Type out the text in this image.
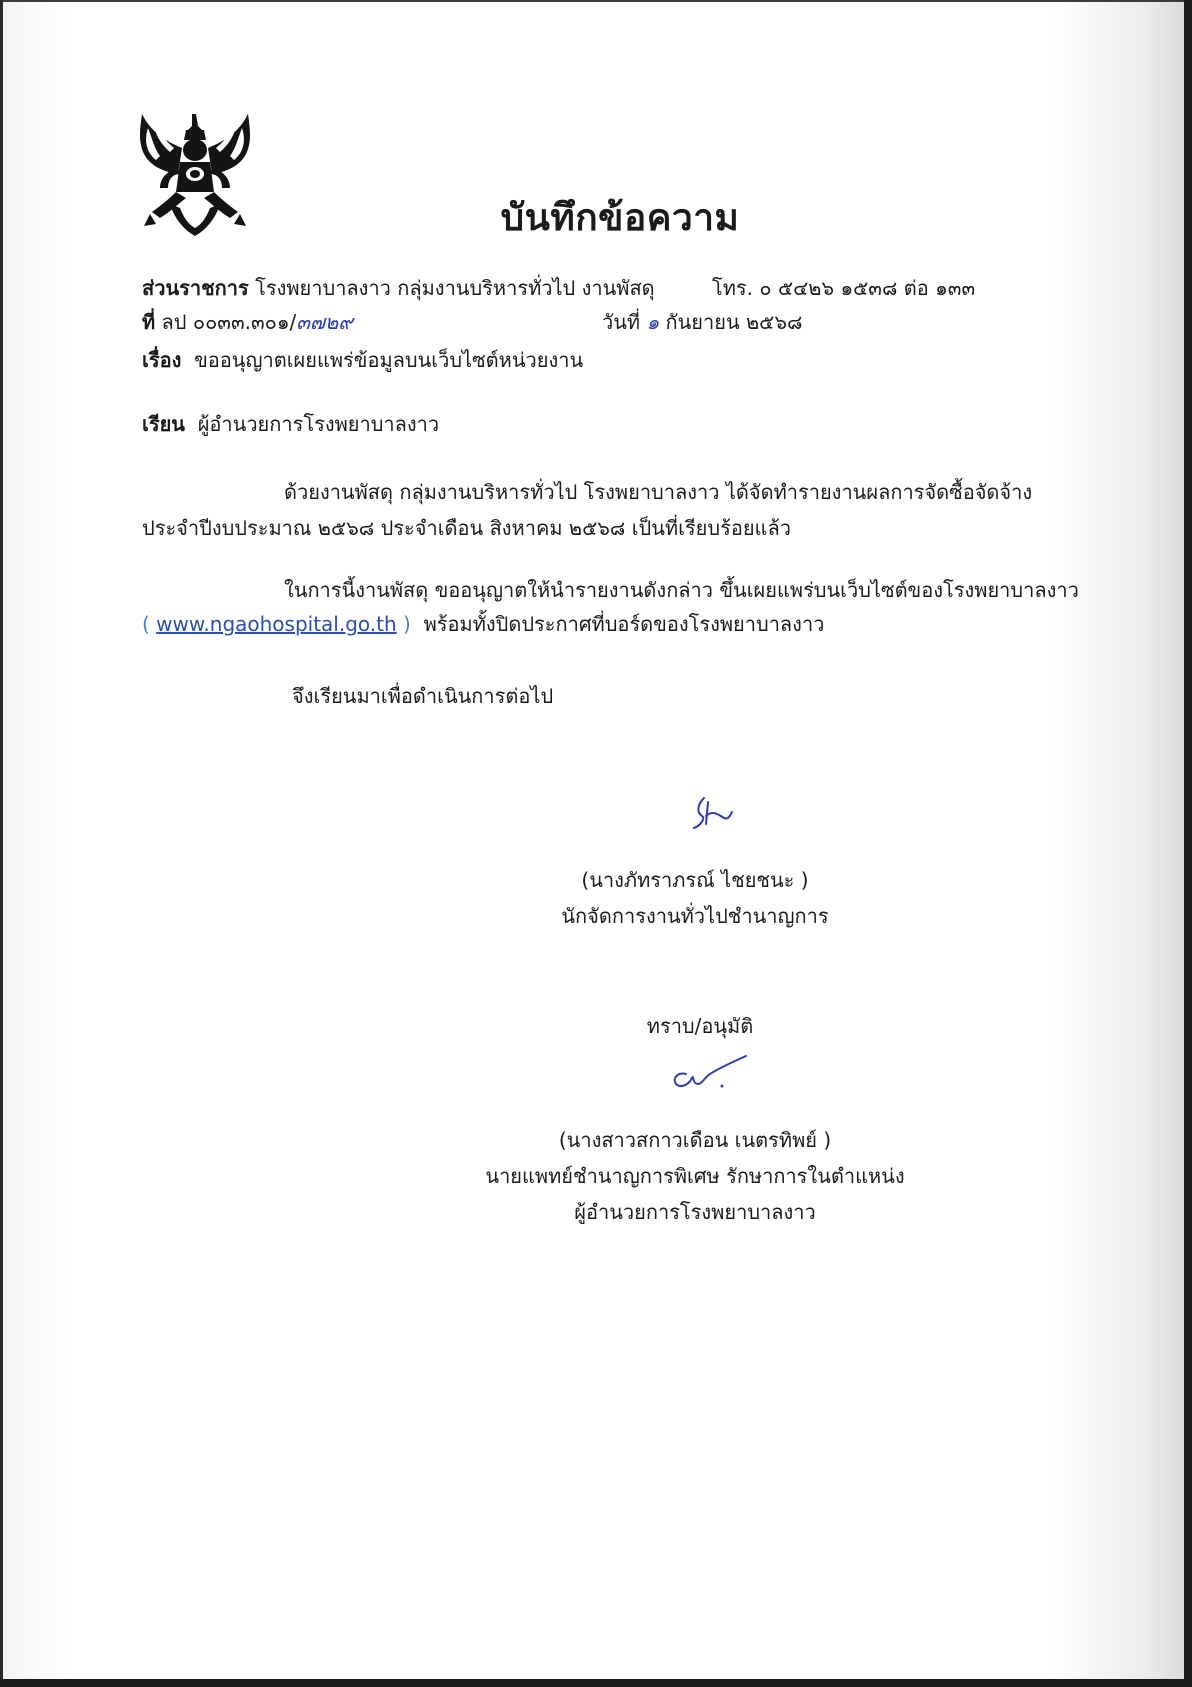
บันทึกข้อความ
ส่วนราชการ โรงพยาบาลงาว กลุ่มงานบริหารทั่วไป งานพัสดุ	โทร. ๐ ๕๔๒๖ ๑๕๓๘ ต่อ ๑๓๓
ที่ ลป ๐๐๓๓.๓๐๑/๓๗๒๙	วันที่ ๑ กันยายน ๒๕๖๘
เรื่อง ขออนุญาตเผยแพร่ข้อมูลบนเว็บไซต์หน่วยงาน
เรียน ผู้อำนวยการโรงพยาบาลงาว
ด้วยงานพัสดุ กลุ่มงานบริหารทั่วไป โรงพยาบาลงาว ได้จัดทำรายงานผลการจัดซื้อจัดจ้าง
ประจำปีงบประมาณ ๒๕๖๘ ประจำเดือน สิงหาคม ๒๕๖๘ เป็นที่เรียบร้อยแล้ว
ในการนี้งานพัสดุ ขออนุญาตให้นำรายงานดังกล่าว ขึ้นเผยแพร่บนเว็บไซต์ของโรงพยาบาลงาว
( www.ngaohospital.go.th ) พร้อมทั้งปิดประกาศที่บอร์ดของโรงพยาบาลงาว
จึงเรียนมาเพื่อดำเนินการต่อไป
(นางภัทราภรณ์ ไชยชนะ )
นักจัดการงานทั่วไปชำนาญการ
ทราบ/อนุมัติ
(นางสาวสกาวเดือน เนตรทิพย์ )
นายแพทย์ชำนาญการพิเศษ รักษาการในตำแหน่ง
ผู้อำนวยการโรงพยาบาลงาว
